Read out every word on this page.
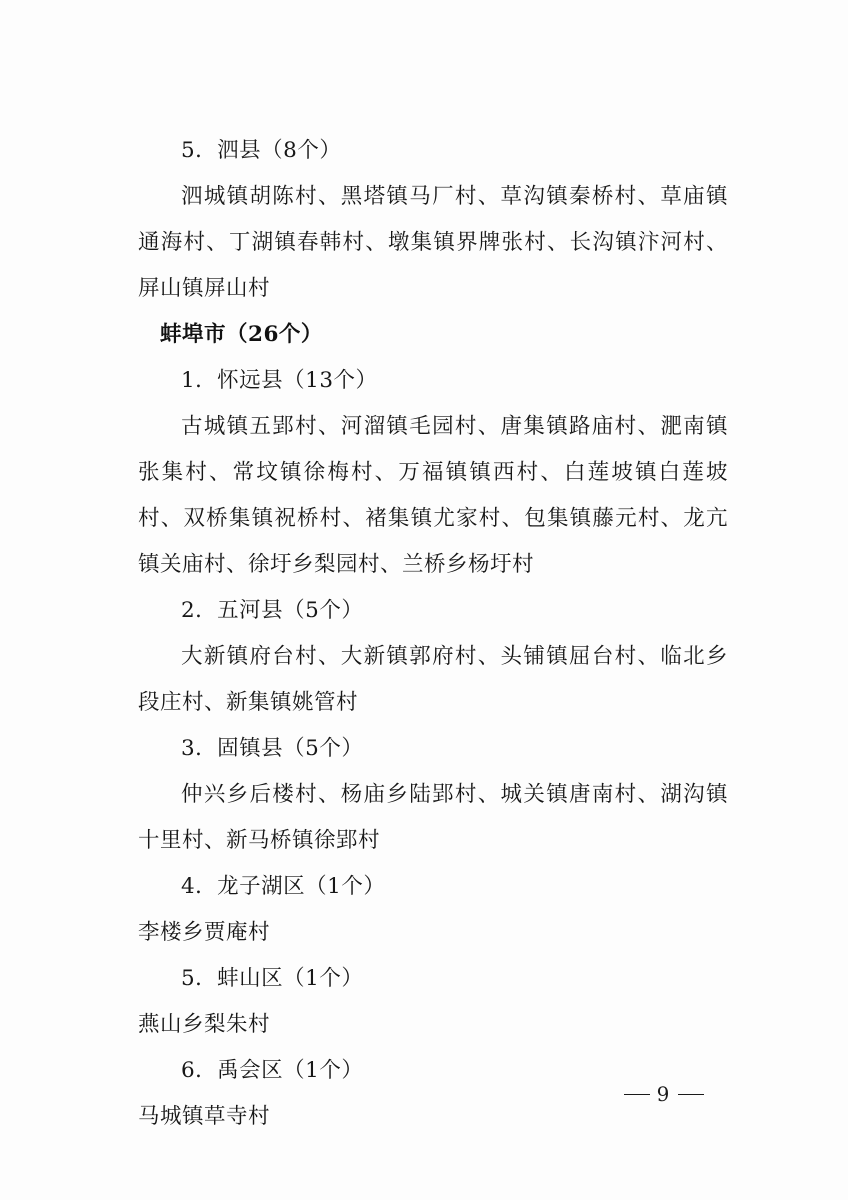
5．泗县（8个）

泗城镇胡陈村、黑塔镇马厂村、草沟镇秦桥村、草庙镇通海村、丁湖镇春韩村、墩集镇界牌张村、长沟镇汴河村、屏山镇屏山村

蚌埠市（26个）

1．怀远县（13个）

古城镇五郢村、河溜镇毛园村、唐集镇路庙村、淝南镇张集村、常坟镇徐梅村、万福镇镇西村、白莲坡镇白莲坡村、双桥集镇祝桥村、褚集镇尤家村、包集镇藤元村、龙亢镇关庙村、徐圩乡梨园村、兰桥乡杨圩村

2．五河县（5个）

大新镇府台村、大新镇郭府村、头铺镇屈台村、临北乡段庄村、新集镇姚管村

3．固镇县（5个）

仲兴乡后楼村、杨庙乡陆郢村、城关镇唐南村、湖沟镇十里村、新马桥镇徐郢村

4．龙子湖区（1个）

李楼乡贾庵村

5．蚌山区（1个）

燕山乡梨朱村

6．禹会区（1个）

马城镇草寺村

9
